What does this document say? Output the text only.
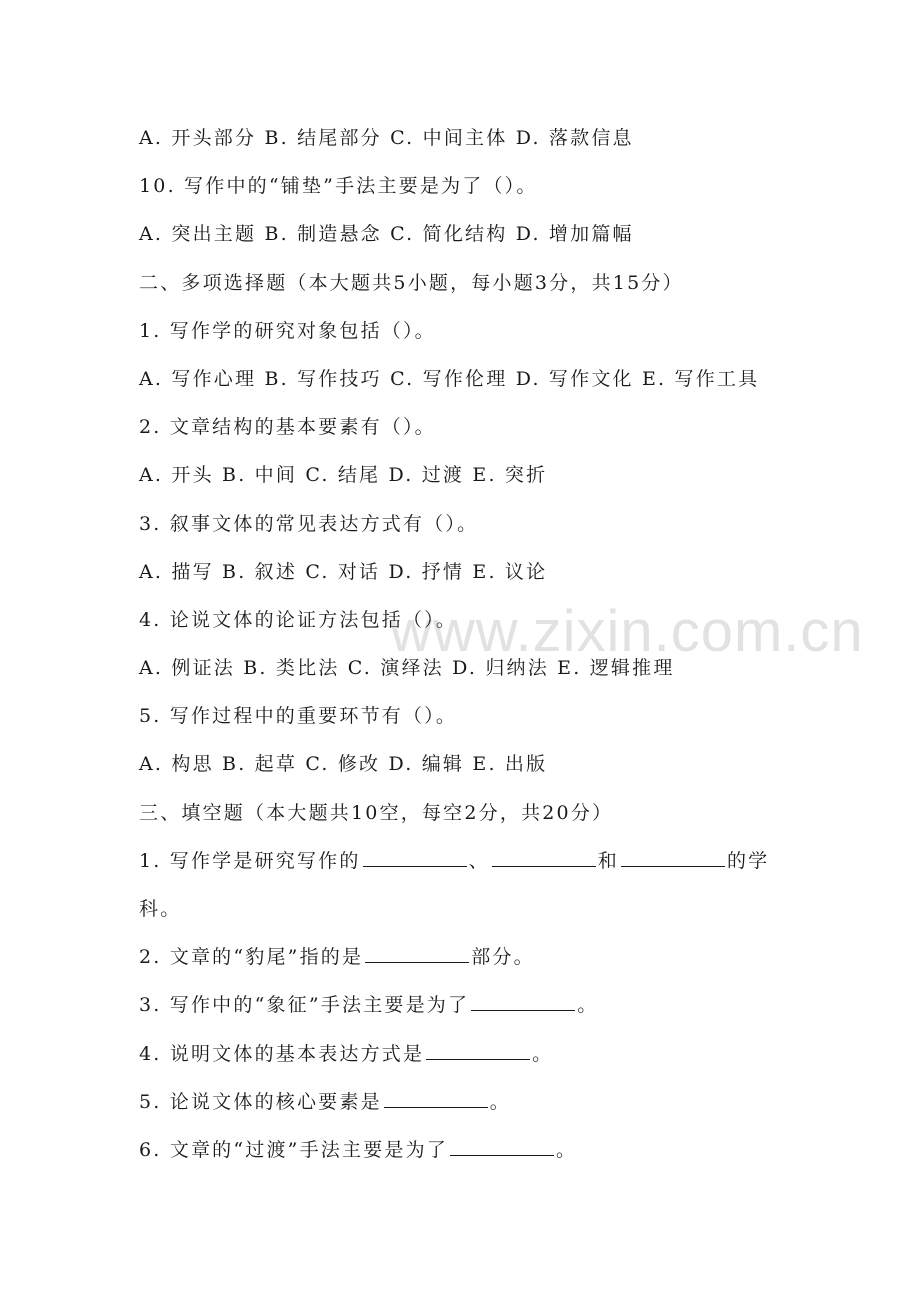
www.zixin.com.cn
A. 开头部分 B. 结尾部分 C. 中间主体 D. 落款信息
10. 写作中的“铺垫”手法主要是为了（）。
A. 突出主题 B. 制造悬念 C. 简化结构 D. 增加篇幅
二、多项选择题（本大题共5小题，每小题3分，共15分）
1. 写作学的研究对象包括（）。
A. 写作心理 B. 写作技巧 C. 写作伦理 D. 写作文化 E. 写作工具
2. 文章结构的基本要素有（）。
A. 开头 B. 中间 C. 结尾 D. 过渡 E. 突折
3. 叙事文体的常见表达方式有（）。
A. 描写 B. 叙述 C. 对话 D. 抒情 E. 议论
4. 论说文体的论证方法包括（）。
A. 例证法 B. 类比法 C. 演绎法 D. 归纳法 E. 逻辑推理
5. 写作过程中的重要环节有（）。
A. 构思 B. 起草 C. 修改 D. 编辑 E. 出版
三、填空题（本大题共10空，每空2分，共20分）
1. 写作学是研究写作的	、	和	的学
科。
2. 文章的“豹尾”指的是	部分。
3. 写作中的“象征”手法主要是为了	。
4. 说明文体的基本表达方式是	。
5. 论说文体的核心要素是	。
6. 文章的“过渡”手法主要是为了	。
